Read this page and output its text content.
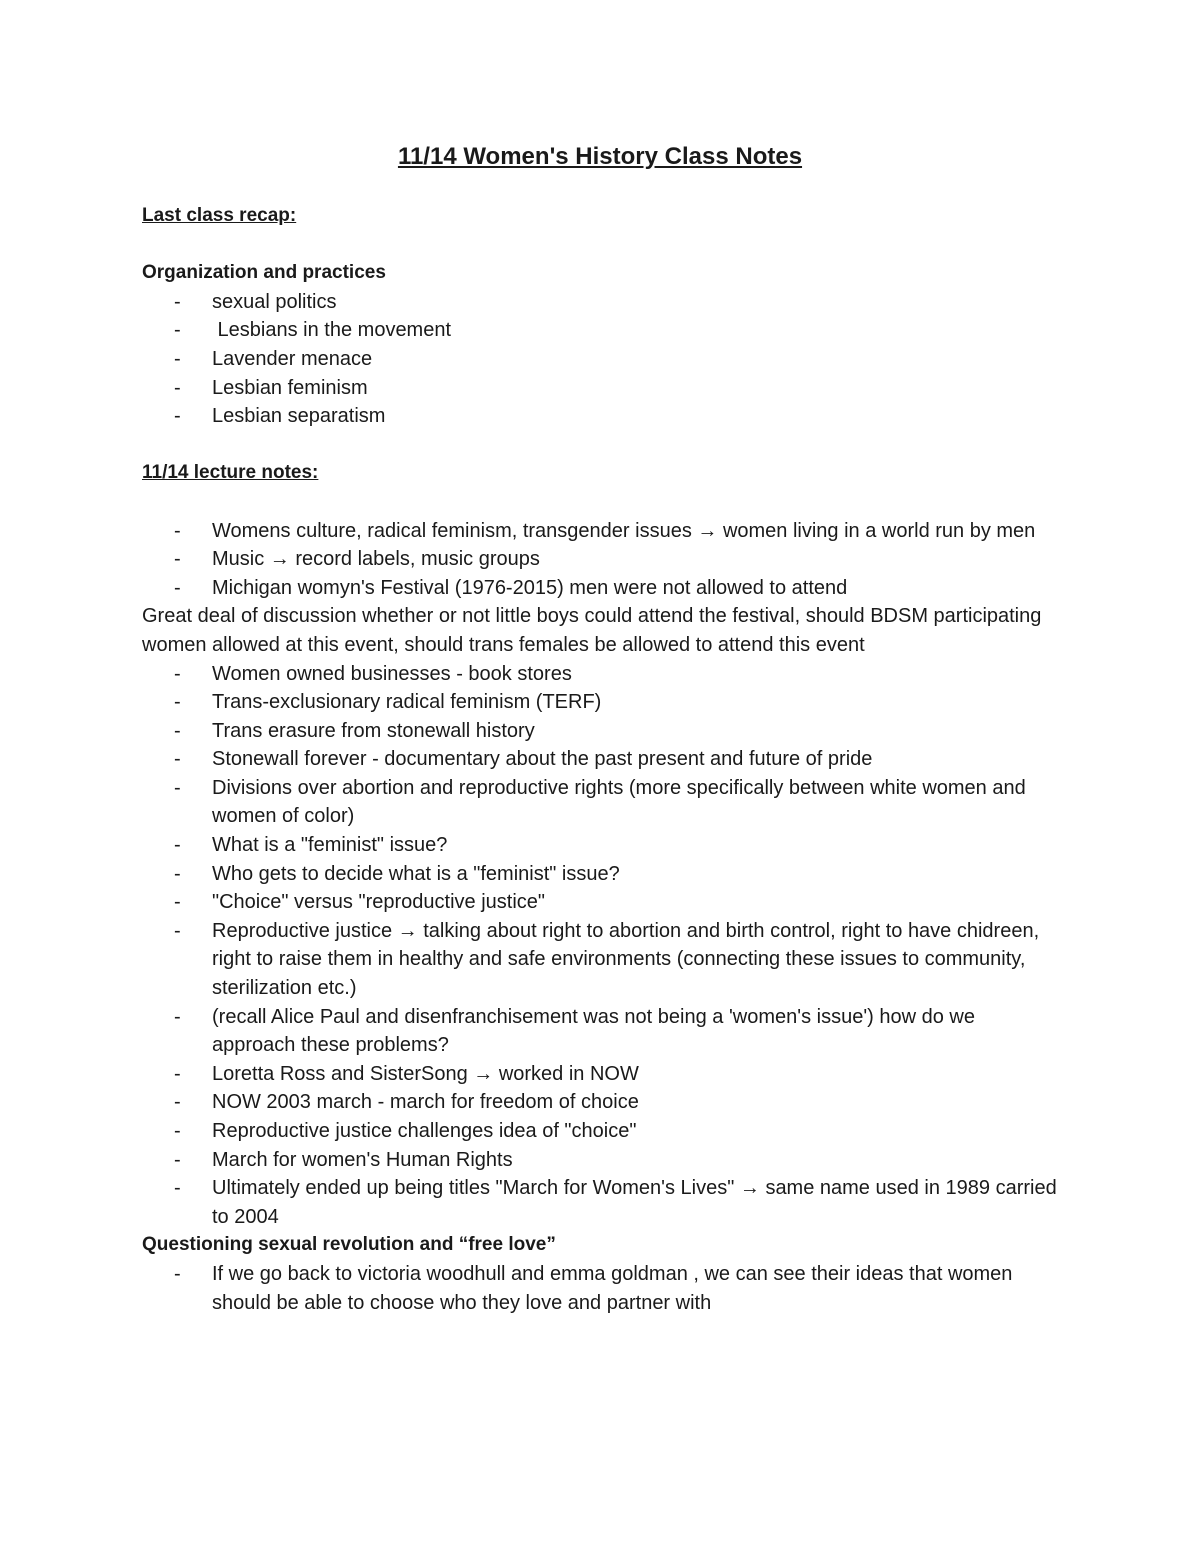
11/14 Women's History Class Notes

Last class recap:

Organization and practices

- sexual politics
- Lesbians in the movement
- Lavender menace
- Lesbian feminism
- Lesbian separatism

11/14 lecture notes:

- Womens culture, radical feminism, transgender issues → women living in a world run by men
- Music → record labels, music groups
- Michigan womyn's Festival (1976-2015) men were not allowed to attend

Great deal of discussion whether or not little boys could attend the festival, should BDSM participating women allowed at this event, should trans females be allowed to attend this event

- Women owned businesses - book stores
- Trans-exclusionary radical feminism (TERF)
- Trans erasure from stonewall history
- Stonewall forever - documentary about the past present and future of pride
- Divisions over abortion and reproductive rights (more specifically between white women and women of color)
- What is a "feminist" issue?
- Who gets to decide what is a "feminist" issue?
- "Choice" versus "reproductive justice"
- Reproductive justice → talking about right to abortion and birth control, right to have chidreen, right to raise them in healthy and safe environments (connecting these issues to community, sterilization etc.)
- (recall Alice Paul and disenfranchisement was not being a 'women's issue') how do we approach these problems?
- Loretta Ross and SisterSong → worked in NOW
- NOW 2003 march - march for freedom of choice
- Reproductive justice challenges idea of "choice"
- March for women's Human Rights
- Ultimately ended up being titles "March for Women's Lives" → same name used in 1989 carried to 2004

Questioning sexual revolution and “free love”

- If we go back to victoria woodhull and emma goldman , we can see their ideas that women should be able to choose who they love and partner with
